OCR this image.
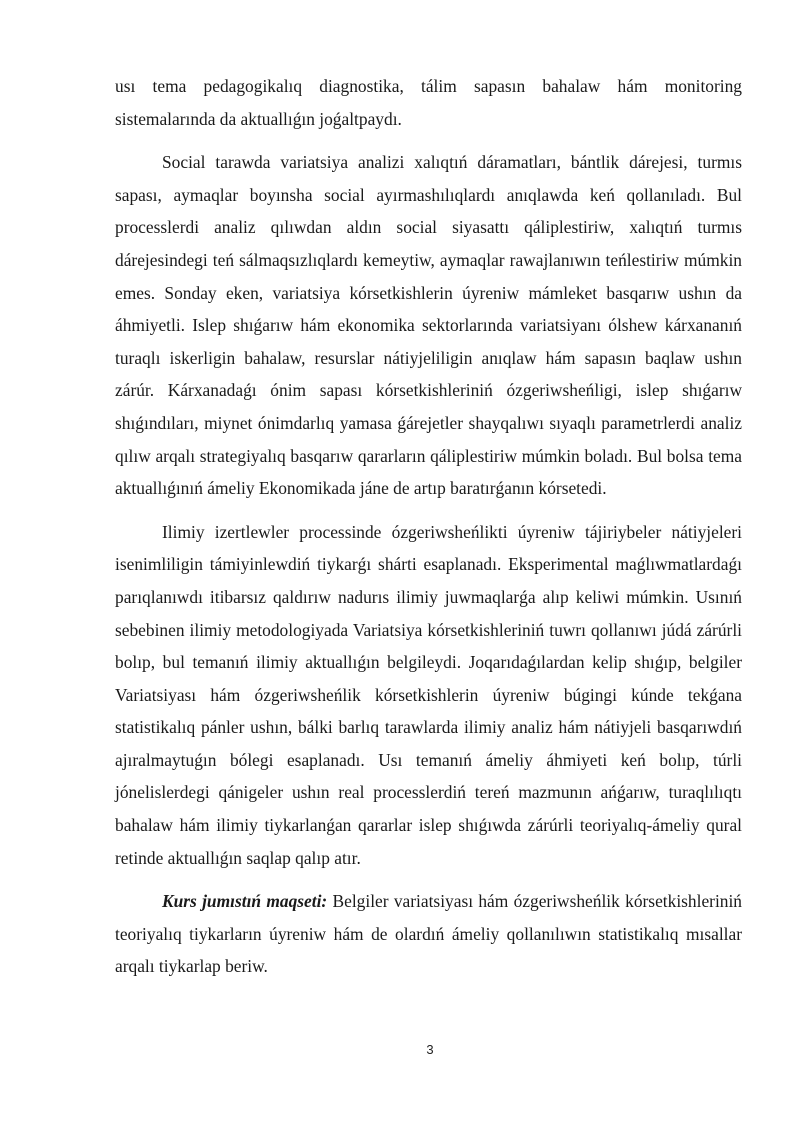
usı tema pedagogikalıq diagnostika, tálim sapasın bahalaw hám monitoring sistemalarında da aktuallıǵın joǵaltpaydı.

Social tarawda variatsiya analizi xalıqtıń dáramatları, bántlik dárejesi, turmıs sapası, aymaqlar boyınsha social ayırmashılıqlardı anıqlawda keń qollanıladı. Bul processlerdi analiz qılıwdan aldın social siyasattı qáliplestiriw, xalıqtıń turmıs dárejesindegi teń sálmaqsızlıqlardı kemeytiw, aymaqlar rawajlanıwın teńlestiriw múmkin emes. Sonday eken, variatsiya kórsetkishlerin úyreniw mámleket basqarıw ushın da áhmiyetli. Islep shıǵarıw hám ekonomika sektorlarında variatsiyanı ólshew kárxananıń turaqlı iskerligin bahalaw, resurslar nátiyjeliligin anıqlaw hám sapasın baqlaw ushın zárúr. Kárxanadaǵı ónim sapası kórsetkishleriniń ózgeriwsheńligi, islep shıǵarıw shıǵındıları, miynet ónimdarlıq yamasa ǵárejetler shayqalıwı sıyaqlı parametrlerdi analiz qılıw arqalı strategiyalıq basqarıw qararların qáliplestiriw múmkin boladı. Bul bolsa tema aktuallıǵınıń ámeliy Ekonomikada jáne de artıp baratırǵanın kórsetedi.

Ilimiy izertlewler processinde ózgeriwsheńlikti úyreniw tájiriybeler nátiyjeleri isenimliligin támiyinlewdiń tiykarǵı shárti esaplanadı. Eksperimental maǵlıwmatlardaǵı parıqlanıwdı itibarsız qaldırıw nadurıs ilimiy juwmaqlarǵa alıp keliwi múmkin. Usınıń sebebinen ilimiy metodologiyada Variatsiya kórsetkishleriniń tuwrı qollanıwı júdá zárúrli bolıp, bul temanıń ilimiy aktuallıǵın belgileydi. Joqarıdaǵılardan kelip shıǵıp, belgiler Variatsiyası hám ózgeriwsheńlik kórsetkishlerin úyreniw búgingi kúnde tekǵana statistikalıq pánler ushın, bálki barlıq tarawlarda ilimiy analiz hám nátiyjeli basqarıwdıń ajıralmaytuǵın bólegi esaplanadı. Usı temanıń ámeliy áhmiyeti keń bolıp, túrli jónelislerdegi qánigeler ushın real processlerdiń tereń mazmunın ańǵarıw, turaqlılıqtı bahalaw hám ilimiy tiykarlanǵan qararlar islep shıǵıwda zárúrli teoriyalıq-ámeliy qural retinde aktuallıǵın saqlap qalıp atır.

Kurs jumıstıń maqseti: Belgiler variatsiyası hám ózgeriwsheńlik kórsetkishleriniń teoriyalıq tiykarların úyreniw hám de olardıń ámeliy qollanılıwın statistikalıq mısallar arqalı tiykarlap beriw.

3
